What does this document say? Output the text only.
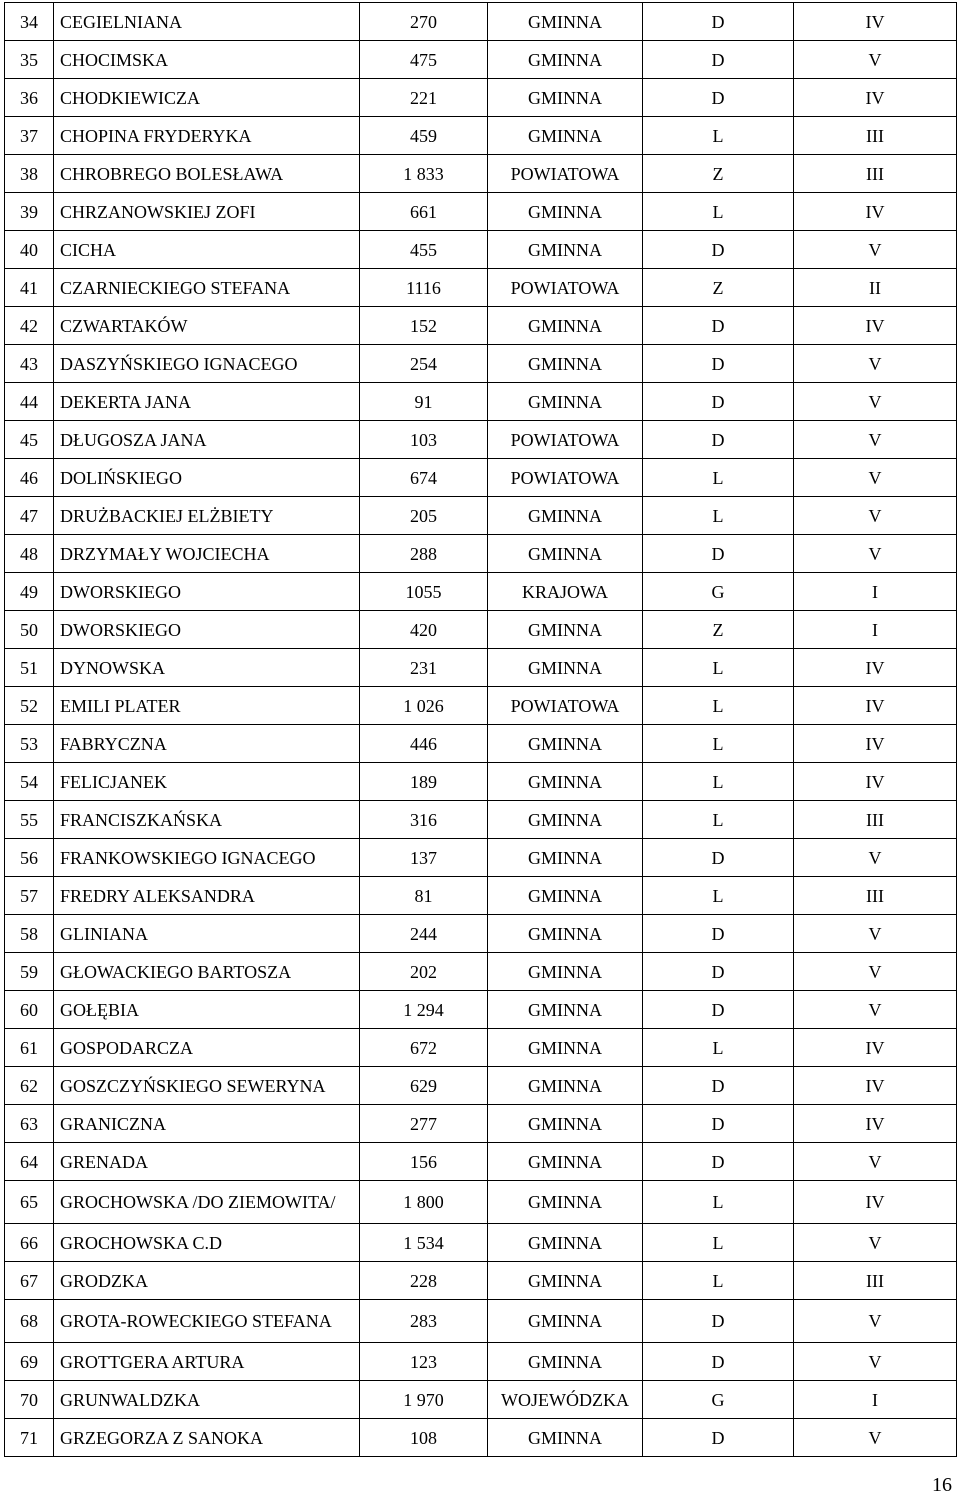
34	CEGIELNIANA	270	GMINNA	D	IV
35	CHOCIMSKA	475	GMINNA	D	V
36	CHODKIEWICZA	221	GMINNA	D	IV
37	CHOPINA FRYDERYKA	459	GMINNA	L	III
38	CHROBREGO BOLESŁAWA	1 833	POWIATOWA	Z	III
39	CHRZANOWSKIEJ ZOFI	661	GMINNA	L	IV
40	CICHA	455	GMINNA	D	V
41	CZARNIECKIEGO STEFANA	1116	POWIATOWA	Z	II
42	CZWARTAKÓW	152	GMINNA	D	IV
43	DASZYŃSKIEGO IGNACEGO	254	GMINNA	D	V
44	DEKERTA JANA	91	GMINNA	D	V
45	DŁUGOSZA JANA	103	POWIATOWA	D	V
46	DOLIŃSKIEGO	674	POWIATOWA	L	V
47	DRUŻBACKIEJ ELŻBIETY	205	GMINNA	L	V
48	DRZYMAŁY WOJCIECHA	288	GMINNA	D	V
49	DWORSKIEGO	1055	KRAJOWA	G	I
50	DWORSKIEGO	420	GMINNA	Z	I
51	DYNOWSKA	231	GMINNA	L	IV
52	EMILI PLATER	1 026	POWIATOWA	L	IV
53	FABRYCZNA	446	GMINNA	L	IV
54	FELICJANEK	189	GMINNA	L	IV
55	FRANCISZKAŃSKA	316	GMINNA	L	III
56	FRANKOWSKIEGO IGNACEGO	137	GMINNA	D	V
57	FREDRY ALEKSANDRA	81	GMINNA	L	III
58	GLINIANA	244	GMINNA	D	V
59	GŁOWACKIEGO BARTOSZA	202	GMINNA	D	V
60	GOŁĘBIA	1 294	GMINNA	D	V
61	GOSPODARCZA	672	GMINNA	L	IV
62	GOSZCZYŃSKIEGO SEWERYNA	629	GMINNA	D	IV
63	GRANICZNA	277	GMINNA	D	IV
64	GRENADA	156	GMINNA	D	V
65	GROCHOWSKA /DO ZIEMOWITA/	1 800	GMINNA	L	IV
66	GROCHOWSKA C.D	1 534	GMINNA	L	V
67	GRODZKA	228	GMINNA	L	III
68	GROTA-ROWECKIEGO STEFANA	283	GMINNA	D	V
69	GROTTGERA ARTURA	123	GMINNA	D	V
70	GRUNWALDZKA	1 970	WOJEWÓDZKA	G	I
71	GRZEGORZA Z SANOKA	108	GMINNA	D	V
16
